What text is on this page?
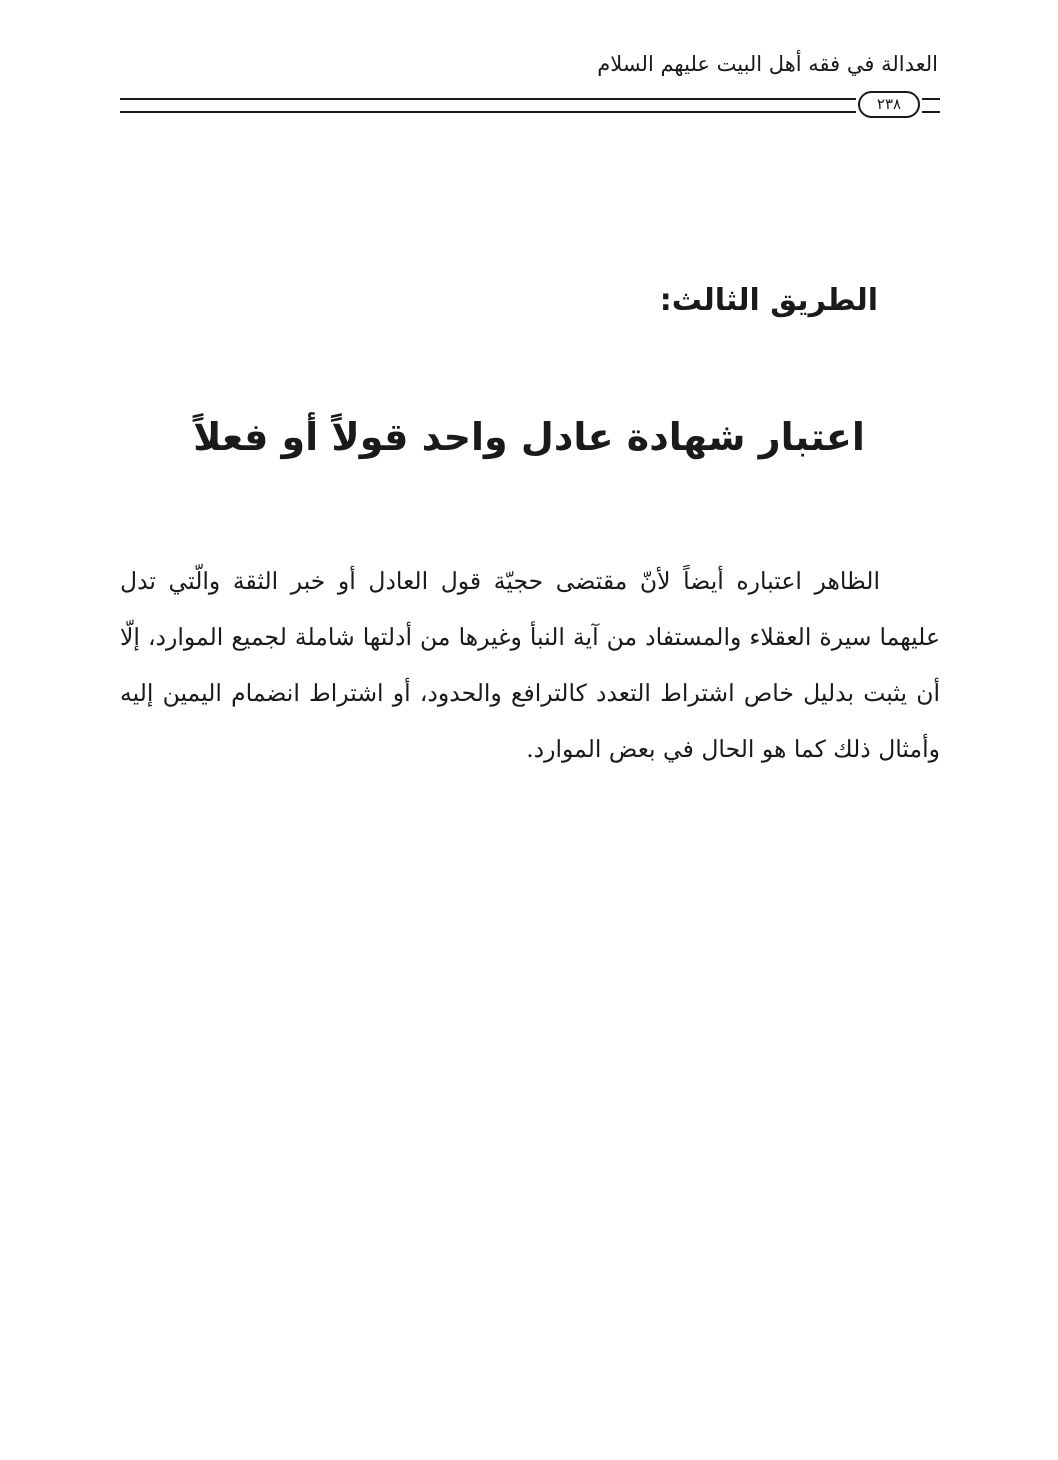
العدالة في فقه أهل البيت عليهم السلام
٢٣٨
الطريق الثالث:
اعتبار شهادة عادل واحد قولاً أو فعلاً

الظاهر اعتباره أيضاً لأنّ مقتضى حجيّة قول العادل أو خبر الثقة والّتي تدل عليهما سيرة العقلاء والمستفاد من آية النبأ وغيرها من أدلتها شاملة لجميع الموارد، إلّا أن يثبت بدليل خاص اشتراط التعدد كالترافع والحدود، أو اشتراط انضمام اليمين إليه وأمثال ذلك كما هو الحال في بعض الموارد.
